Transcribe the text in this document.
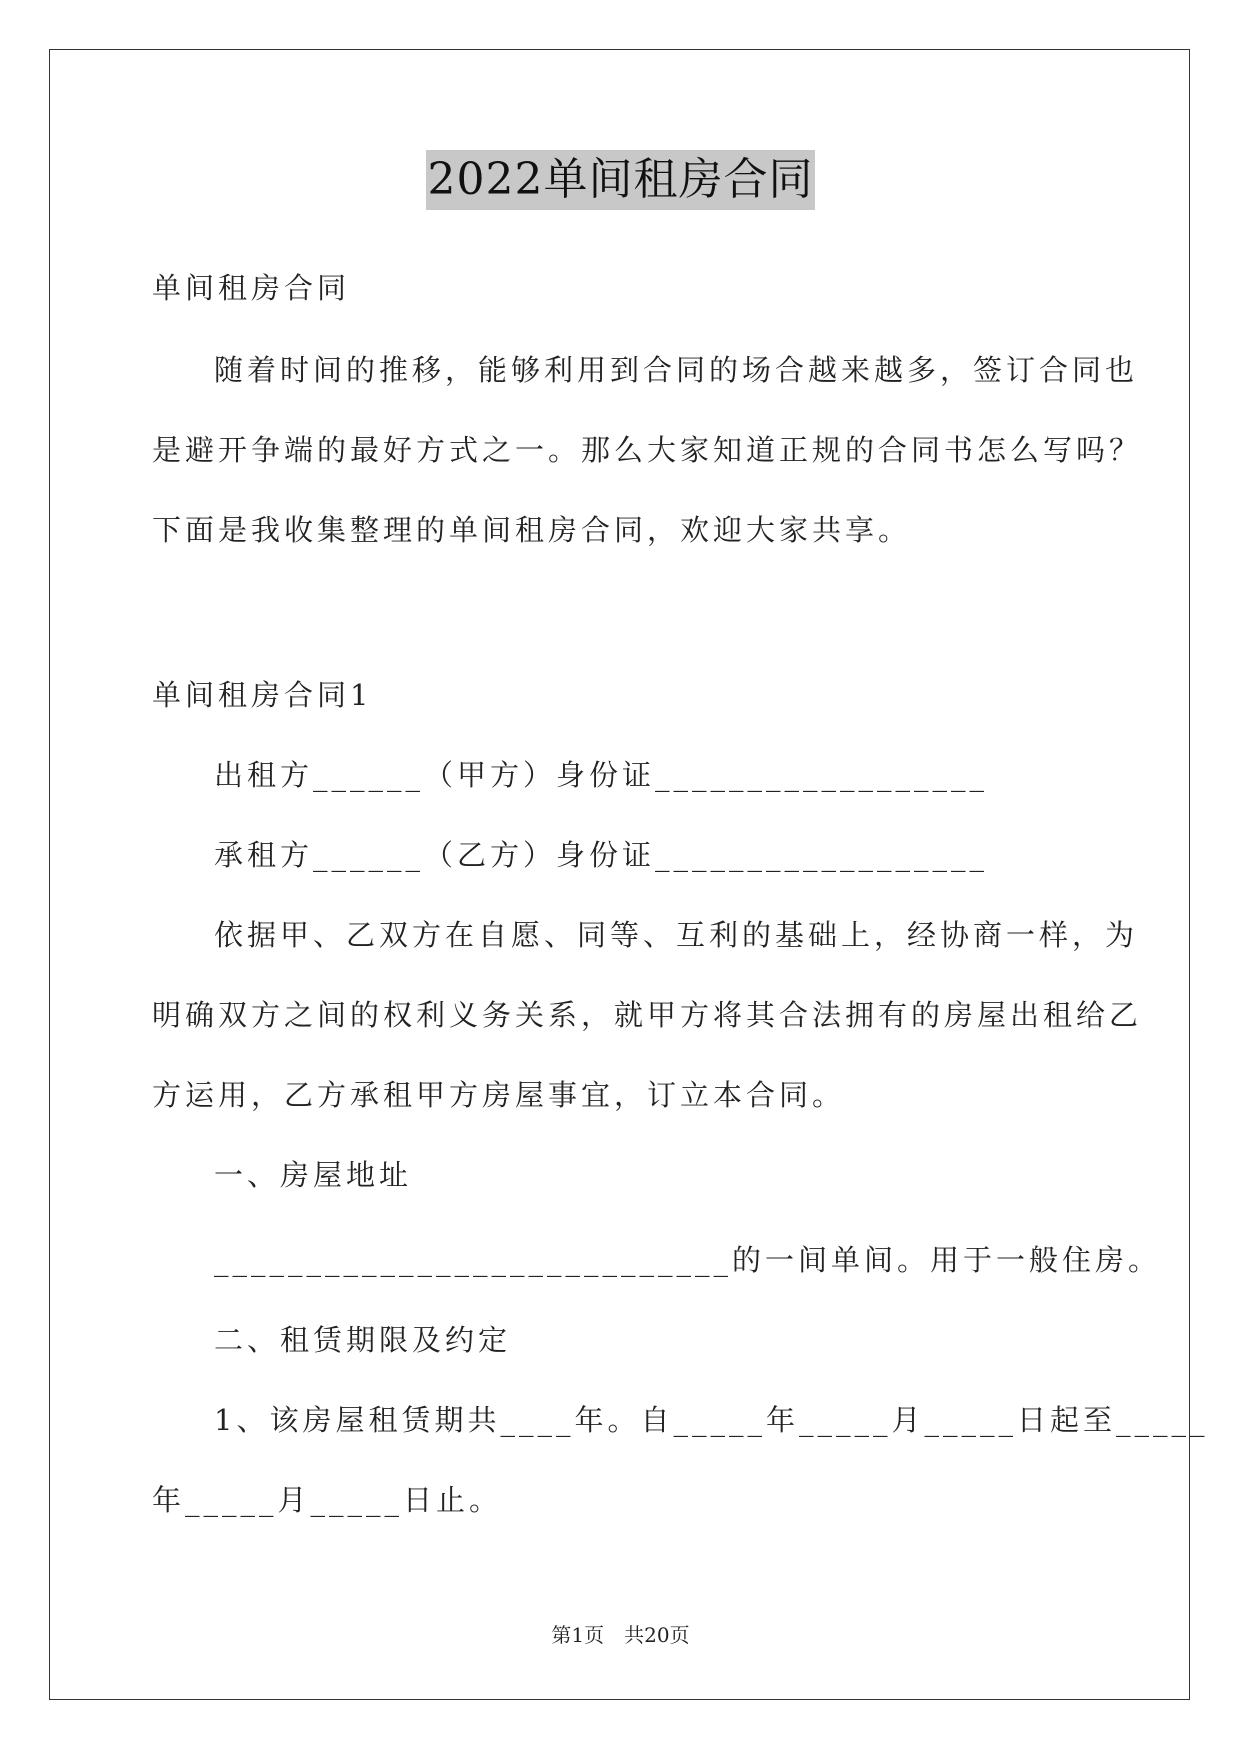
2022单间租房合同
单间租房合同
随着时间的推移，能够利用到合同的场合越来越多，签订合同也
是避开争端的最好方式之一。那么大家知道正规的合同书怎么写吗？
下面是我收集整理的单间租房合同，欢迎大家共享。
单间租房合同1
出租方______（甲方）身份证__________________
承租方______（乙方）身份证__________________
依据甲、乙双方在自愿、同等、互利的基础上，经协商一样，为
明确双方之间的权利义务关系，就甲方将其合法拥有的房屋出租给乙
方运用，乙方承租甲方房屋事宜，订立本合同。
一、房屋地址
____________________________的一间单间。用于一般住房。
二、租赁期限及约定
1、该房屋租赁期共____年。自_____年_____月_____日起至_____
年_____月_____日止。
第1页　共20页
